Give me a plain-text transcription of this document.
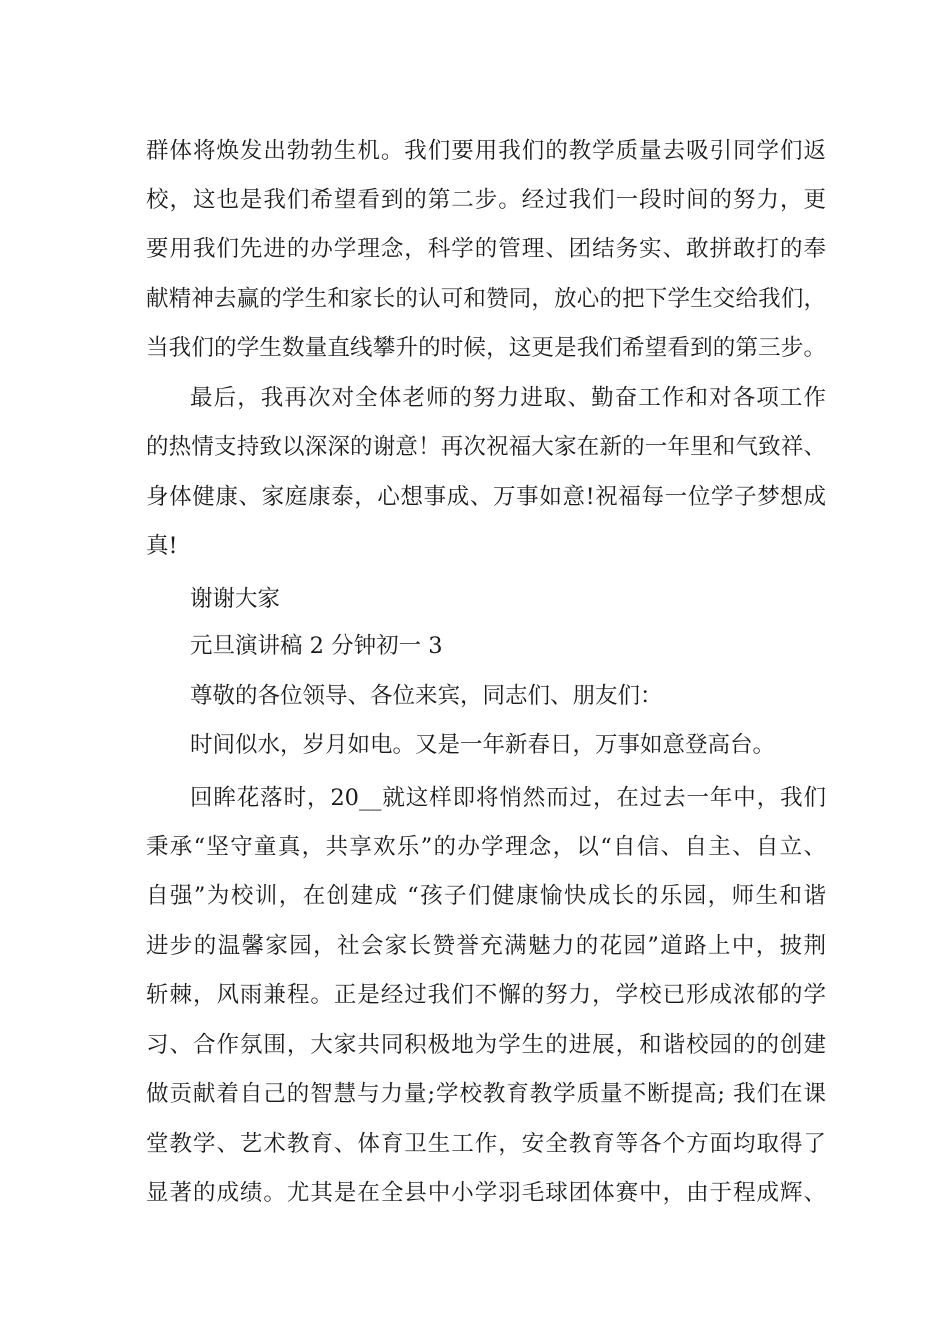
群体将焕发出勃勃生机。我们要用我们的教学质量去吸引同学们返
校，这也是我们希望看到的第二步。经过我们一段时间的努力，更
要用我们先进的办学理念，科学的管理、团结务实、敢拼敢打的奉
献精神去赢的学生和家长的认可和赞同，放心的把下学生交给我们，
当我们的学生数量直线攀升的时候，这更是我们希望看到的第三步。
最后，我再次对全体老师的努力进取、勤奋工作和对各项工作
的热情支持致以深深的谢意！再次祝福大家在新的一年里和气致祥、
身体健康、家庭康泰，心想事成、万事如意!祝福每一位学子梦想成
真!
谢谢大家
元旦演讲稿 2 分钟初一 3
尊敬的各位领导、各位来宾，同志们、朋友们：
时间似水，岁月如电。又是一年新春日，万事如意登高台。
回眸花落时，20__就这样即将悄然而过，在过去一年中，我们
秉承“坚守童真，共享欢乐”的办学理念，以“自信、自主、自立、
自强”为校训，在创建成 “孩子们健康愉快成长的乐园，师生和谐
进步的温馨家园，社会家长赞誉充满魅力的花园”道路上中，披荆
斩棘，风雨兼程。正是经过我们不懈的努力，学校已形成浓郁的学
习、合作氛围，大家共同积极地为学生的进展，和谐校园的的创建
做贡献着自己的智慧与力量;学校教育教学质量不断提高; 我们在课
堂教学、艺术教育、体育卫生工作，安全教育等各个方面均取得了
显著的成绩。尤其是在全县中小学羽毛球团体赛中，由于程成辉、
